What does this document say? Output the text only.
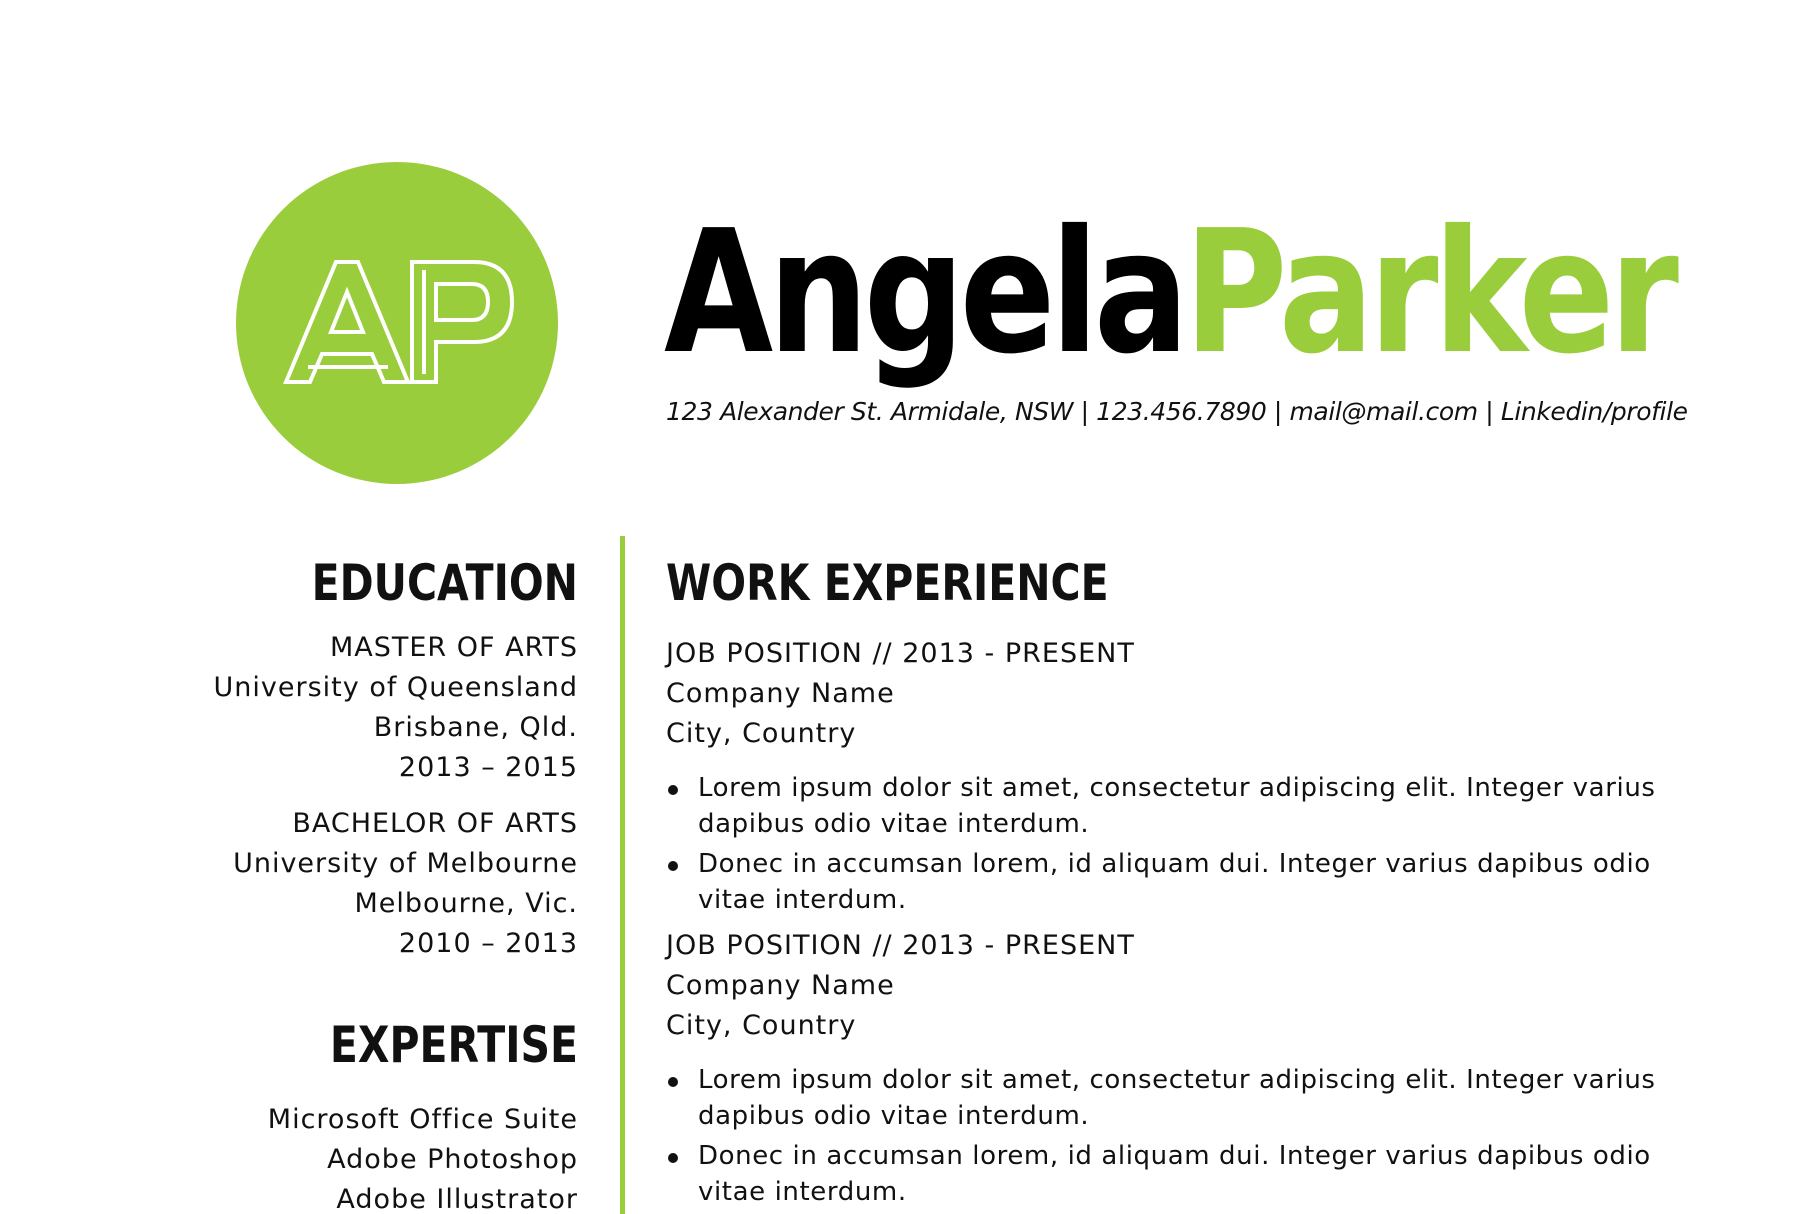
AngelaParker
123 Alexander St. Armidale, NSW | 123.456.7890 | mail@mail.com | Linkedin/profile
EDUCATION
MASTER OF ARTS
University of Queensland
Brisbane, Qld.
2013 – 2015
BACHELOR OF ARTS
University of Melbourne
Melbourne, Vic.
2010 – 2013
EXPERTISE
Microsoft Office Suite
Adobe Photoshop
Adobe Illustrator
WORK EXPERIENCE
JOB POSITION // 2013 - PRESENT
Company Name
City, Country
Lorem ipsum dolor sit amet, consectetur adipiscing elit. Integer varius dapibus odio vitae interdum.
Donec in accumsan lorem, id aliquam dui. Integer varius dapibus odio vitae interdum.
JOB POSITION // 2013 - PRESENT
Company Name
City, Country
Lorem ipsum dolor sit amet, consectetur adipiscing elit. Integer varius dapibus odio vitae interdum.
Donec in accumsan lorem, id aliquam dui. Integer varius dapibus odio vitae interdum.
